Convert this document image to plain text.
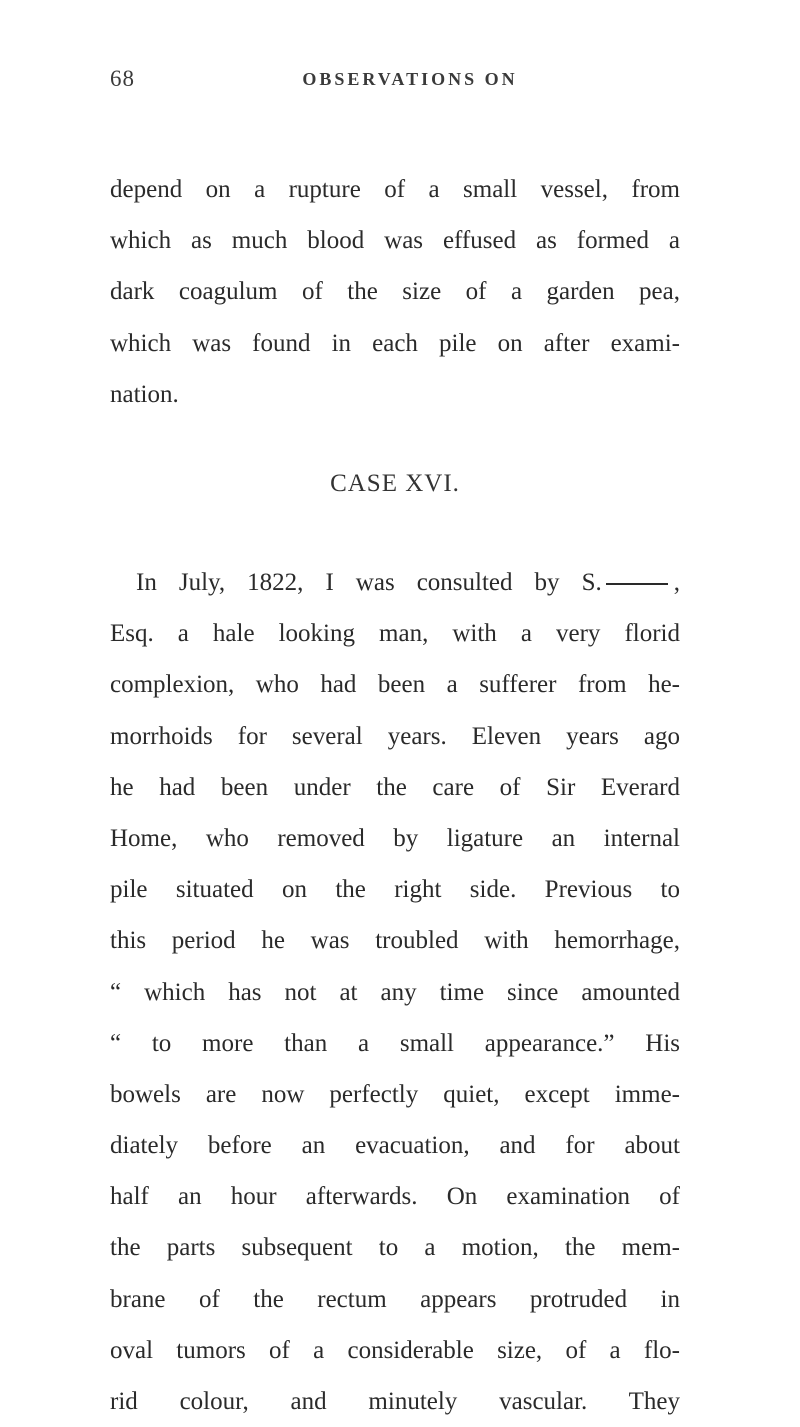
68	OBSERVATIONS ON
depend on a rupture of a small vessel, from
which as much blood was effused as formed a
dark coagulum of the size of a garden pea,
which was found in each pile on after exami-
nation.
CASE XVI.
In July, 1822, I was consulted by S.	,
Esq. a hale looking man, with a very florid
complexion, who had been a sufferer from he-
morrhoids for several years. Eleven years ago
he had been under the care of Sir Everard
Home, who removed by ligature an internal
pile situated on the right side. Previous to
this period he was troubled with hemorrhage,
“ which has not at any time since amounted
“ to more than a small appearance.” His
bowels are now perfectly quiet, except imme-
diately before an evacuation, and for about
half an hour afterwards. On examination of
the parts subsequent to a motion, the mem-
brane of the rectum appears protruded in
oval tumors of a considerable size, of a flo-
rid colour, and minutely vascular. They
